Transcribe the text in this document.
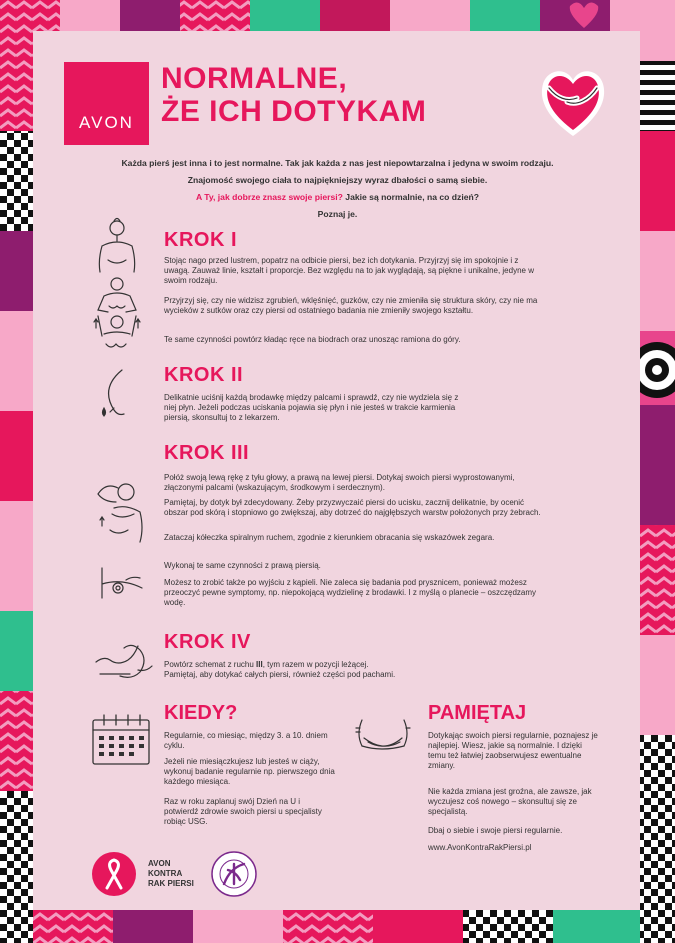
AVON
NORMALNE,
ŻE ICH DOTYKAM
Każda pierś jest inna i to jest normalne. Tak jak każda z nas jest niepowtarzalna i jedyna w swoim rodzaju.
Znajomość swojego ciała to najpiękniejszy wyraz dbałości o samą siebie.
A Ty, jak dobrze znasz swoje piersi? Jakie są normalnie, na co dzień?
Poznaj je.
KROK I

Stojąc nago przed lustrem, popatrz na odbicie piersi, bez ich dotykania. Przyjrzyj się im spokojnie i z uwagą. Zauważ linie, kształt i proporcje. Bez względu na to jak wyglądają, są piękne i unikalne, jedyne w swoim rodzaju.

Przyjrzyj się, czy nie widzisz zgrubień, wklęśnięć, guzków, czy nie zmieniła się struktura skóry, czy nie ma wycieków z sutków oraz czy piersi od ostatniego badania nie zmieniły swojego kształtu.

Te same czynności powtórz kładąc ręce na biodrach oraz unosząc ramiona do góry.

KROK II

Delikatnie uciśnij każdą brodawkę między palcami i sprawdź, czy nie wydziela się z niej płyn. Jeżeli podczas uciskania pojawia się płyn i nie jesteś w trakcie karmienia piersią, skonsultuj to z lekarzem.

KROK III

Połóż swoją lewą rękę z tyłu głowy, a prawą na lewej piersi. Dotykaj swoich piersi wyprostowanymi, złączonymi palcami (wskazującym, środkowym i serdecznym).

Pamiętaj, by dotyk był zdecydowany. Żeby przyzwyczaić piersi do ucisku, zacznij delikatnie, by ocenić obszar pod skórą i stopniowo go zwiększaj, aby dotrzeć do najgłębszych warstw położonych przy żebrach.

Zataczaj kółeczka spiralnym ruchem, zgodnie z kierunkiem obracania się wskazówek zegara.

Wykonaj te same czynności z prawą piersią.

Możesz to zrobić także po wyjściu z kąpieli. Nie zaleca się badania pod prysznicem, ponieważ możesz przeoczyć pewne symptomy, np. niepokojącą wydzielinę z brodawki. I z myślą o planecie – oszczędzamy wodę.

KROK IV

Powtórz schemat z ruchu III, tym razem w pozycji leżącej.

Pamiętaj, aby dotykać całych piersi, również części pod pachami.

KIEDY?

Regularnie, co miesiąc, między 3. a 10. dniem cyklu.

Jeżeli nie miesiączkujesz lub jesteś w ciąży, wykonuj badanie regularnie np. pierwszego dnia każdego miesiąca.

Raz w roku zaplanuj swój Dzień na U i potwierdź zdrowie swoich piersi u specjalisty robiąc USG.

PAMIĘTAJ

Dotykając swoich piersi regularnie, poznajesz je najlepiej. Wiesz, jakie są normalnie. I dzięki temu też łatwiej zaobserwujesz ewentualne zmiany.

Nie każda zmiana jest groźna, ale zawsze, jak wyczujesz coś nowego – skonsultuj się ze specjalistą.

Dbaj o siebie i swoje piersi regularnie.

www.AvonKontraRakPiersi.pl

AVON
KONTRA
RAK PIERSI
